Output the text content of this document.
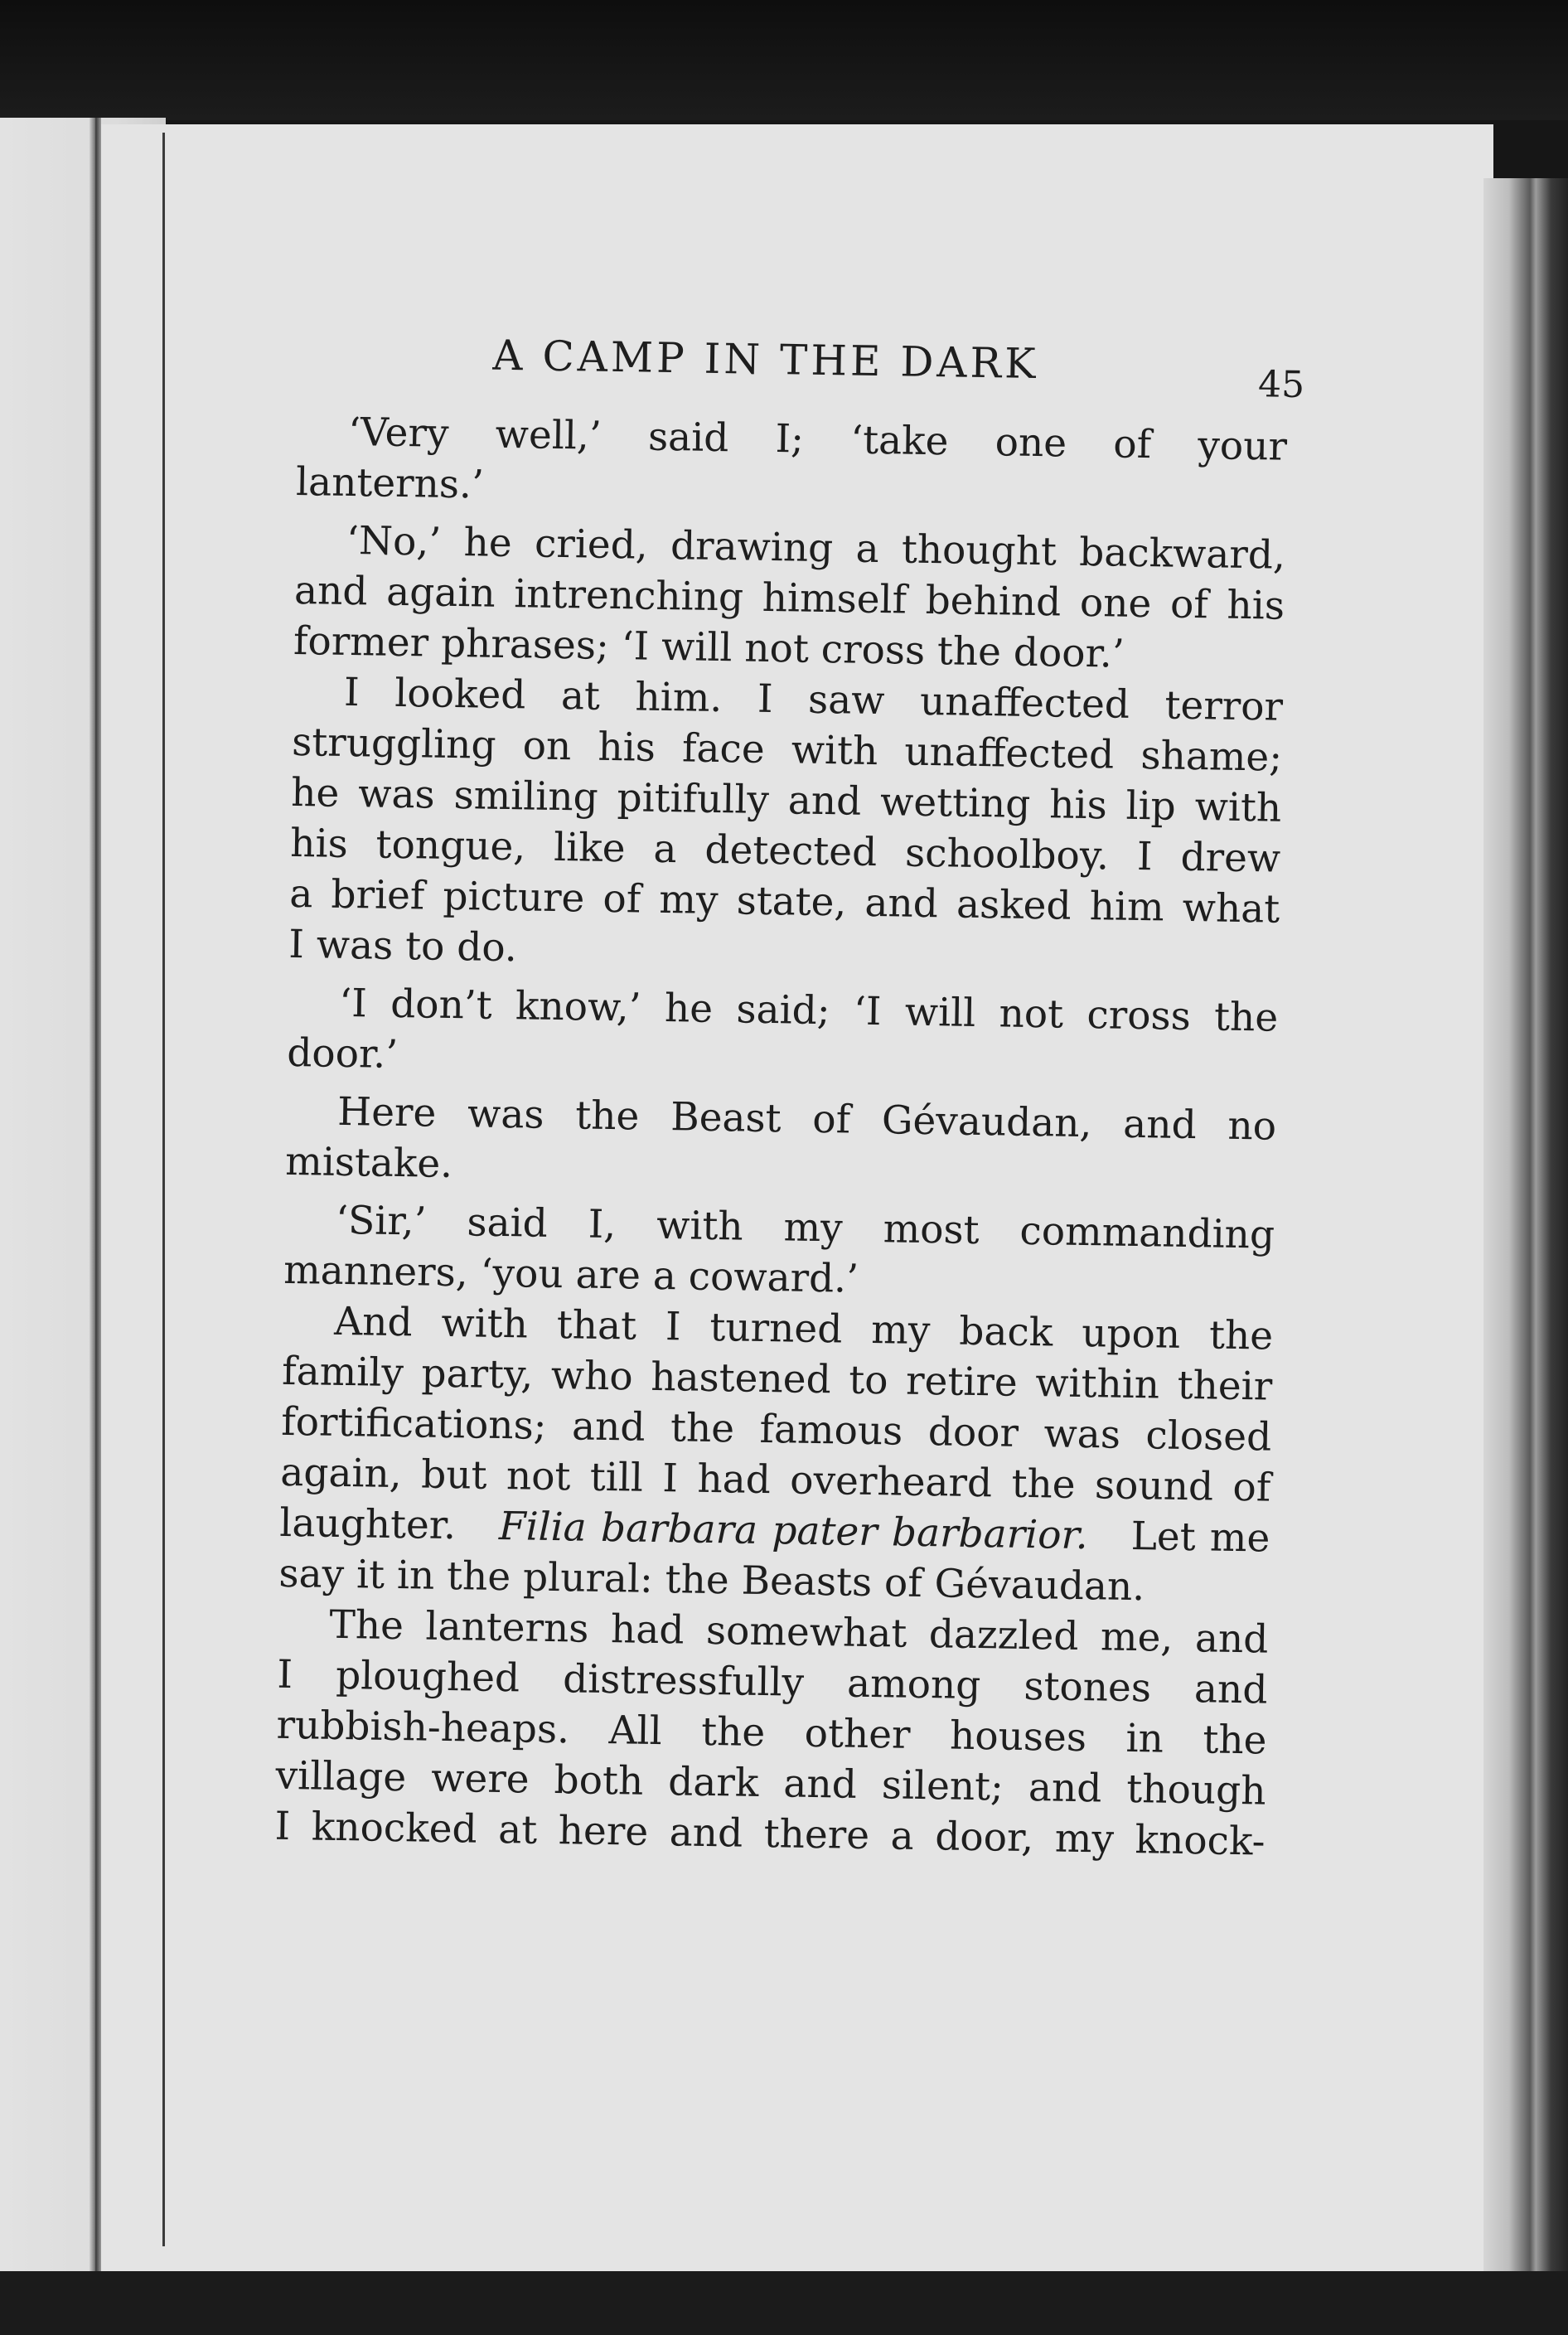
A CAMP IN THE DARK	45
‘Very well,’ said I; ‘take one of your
lanterns.’
‘No,’ he cried, drawing a thought backward,
and again intrenching himself behind one of his
former phrases; ‘I will not cross the door.’
I looked at him. I saw unaffected terror
struggling on his face with unaffected shame;
he was smiling pitifully and wetting his lip with
his tongue, like a detected schoolboy. I drew
a brief picture of my state, and asked him what
I was to do.
‘I don’t know,’ he said; ‘I will not cross the
door.’
Here was the Beast of Gévaudan, and no
mistake.
‘Sir,’ said I, with my most commanding
manners, ‘you are a coward.’
And with that I turned my back upon the
family party, who hastened to retire within their
fortifications; and the famous door was closed
again, but not till I had overheard the sound of
laughter. Filia barbara pater barbarior. Let me
say it in the plural: the Beasts of Gévaudan.
The lanterns had somewhat dazzled me, and
I ploughed distressfully among stones and
rubbish-heaps. All the other houses in the
village were both dark and silent; and though
I knocked at here and there a door, my knock-
